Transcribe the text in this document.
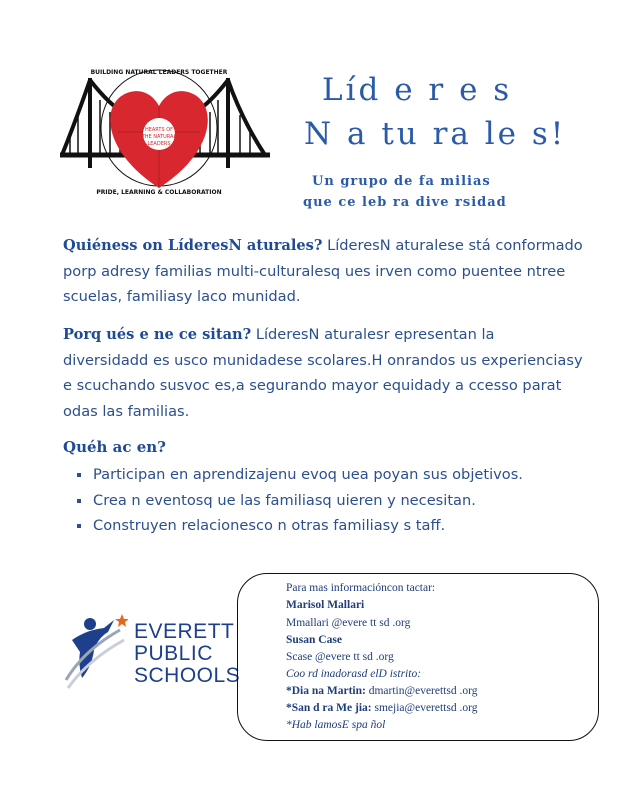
HEARTS OF
THE NATURAL
LEADERS
BUILDING NATURAL LEADERS TOGETHER
PRIDE, LEARNING & COLLABORATION
Líd e r e s
N a tu ra le s!
Un grupo de fa milias
que ce leb ra dive rsidad
Quiéness on LíderesN aturales? LíderesN aturalese stá conformado porp adresy familias multi-culturalesq ues irven como puentee ntree scuelas, familiasy laco munidad.
Porq ués e ne ce sitan? LíderesN aturalesr epresentan la diversidadd es usco munidadese scolares.H onrandos us experienciasy e scuchando susvoc es,a segurando mayor equidady a ccesso parat odas las familias.
Quéh ac en?
Participan en aprendizajenu evoq uea poyan sus objetivos.
Crea n eventosq ue las familiasq uieren y necesitan.
Construyen relacionesco n otras familiasy s taff.
EVERETT
PUBLIC
SCHOOLS
Para mas informacióncon tactar:
Marisol Mallari
Mmallari @evere tt sd .org
Susan Case
Scase @evere tt sd .org
Coo rd inadorasd elD istrito:
*Dia na Martin: dmartin@everettsd .org
*San d ra Me jia: smejia@everettsd .org
*Hab lamosE spa ñol
